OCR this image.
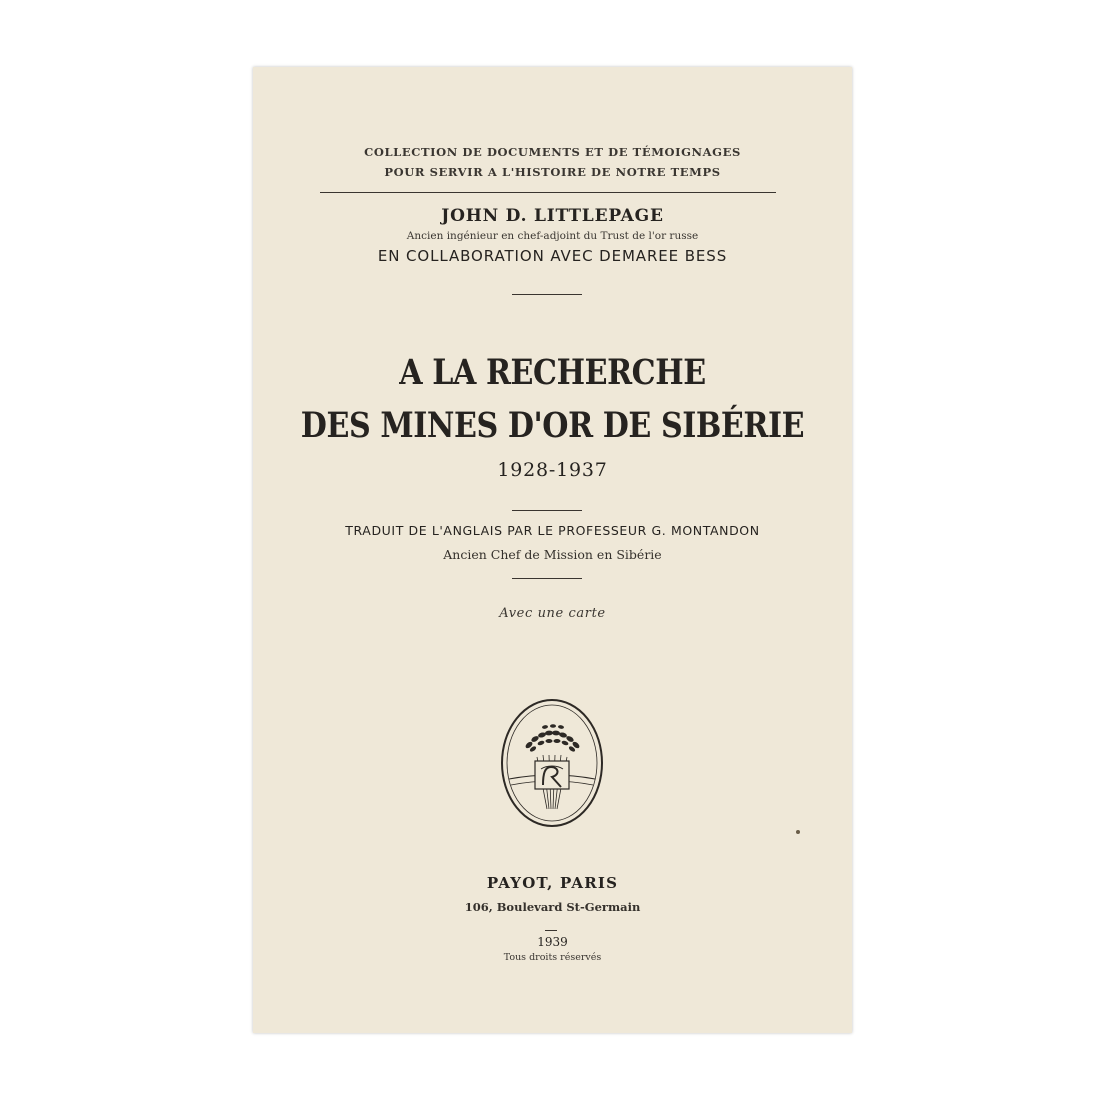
COLLECTION DE DOCUMENTS ET DE TÉMOIGNAGES
POUR SERVIR A L'HISTOIRE DE NOTRE TEMPS
JOHN D. LITTLEPAGE
Ancien ingénieur en chef-adjoint du Trust de l'or russe
EN COLLABORATION AVEC DEMAREE BESS
A LA RECHERCHE
DES MINES D'OR DE SIBÉRIE
1928-1937
TRADUIT DE L'ANGLAIS PAR LE PROFESSEUR G. MONTANDON
Ancien Chef de Mission en Sibérie
Avec une carte
PAYOT, PARIS
106, Boulevard St-Germain
1939
Tous droits réservés
